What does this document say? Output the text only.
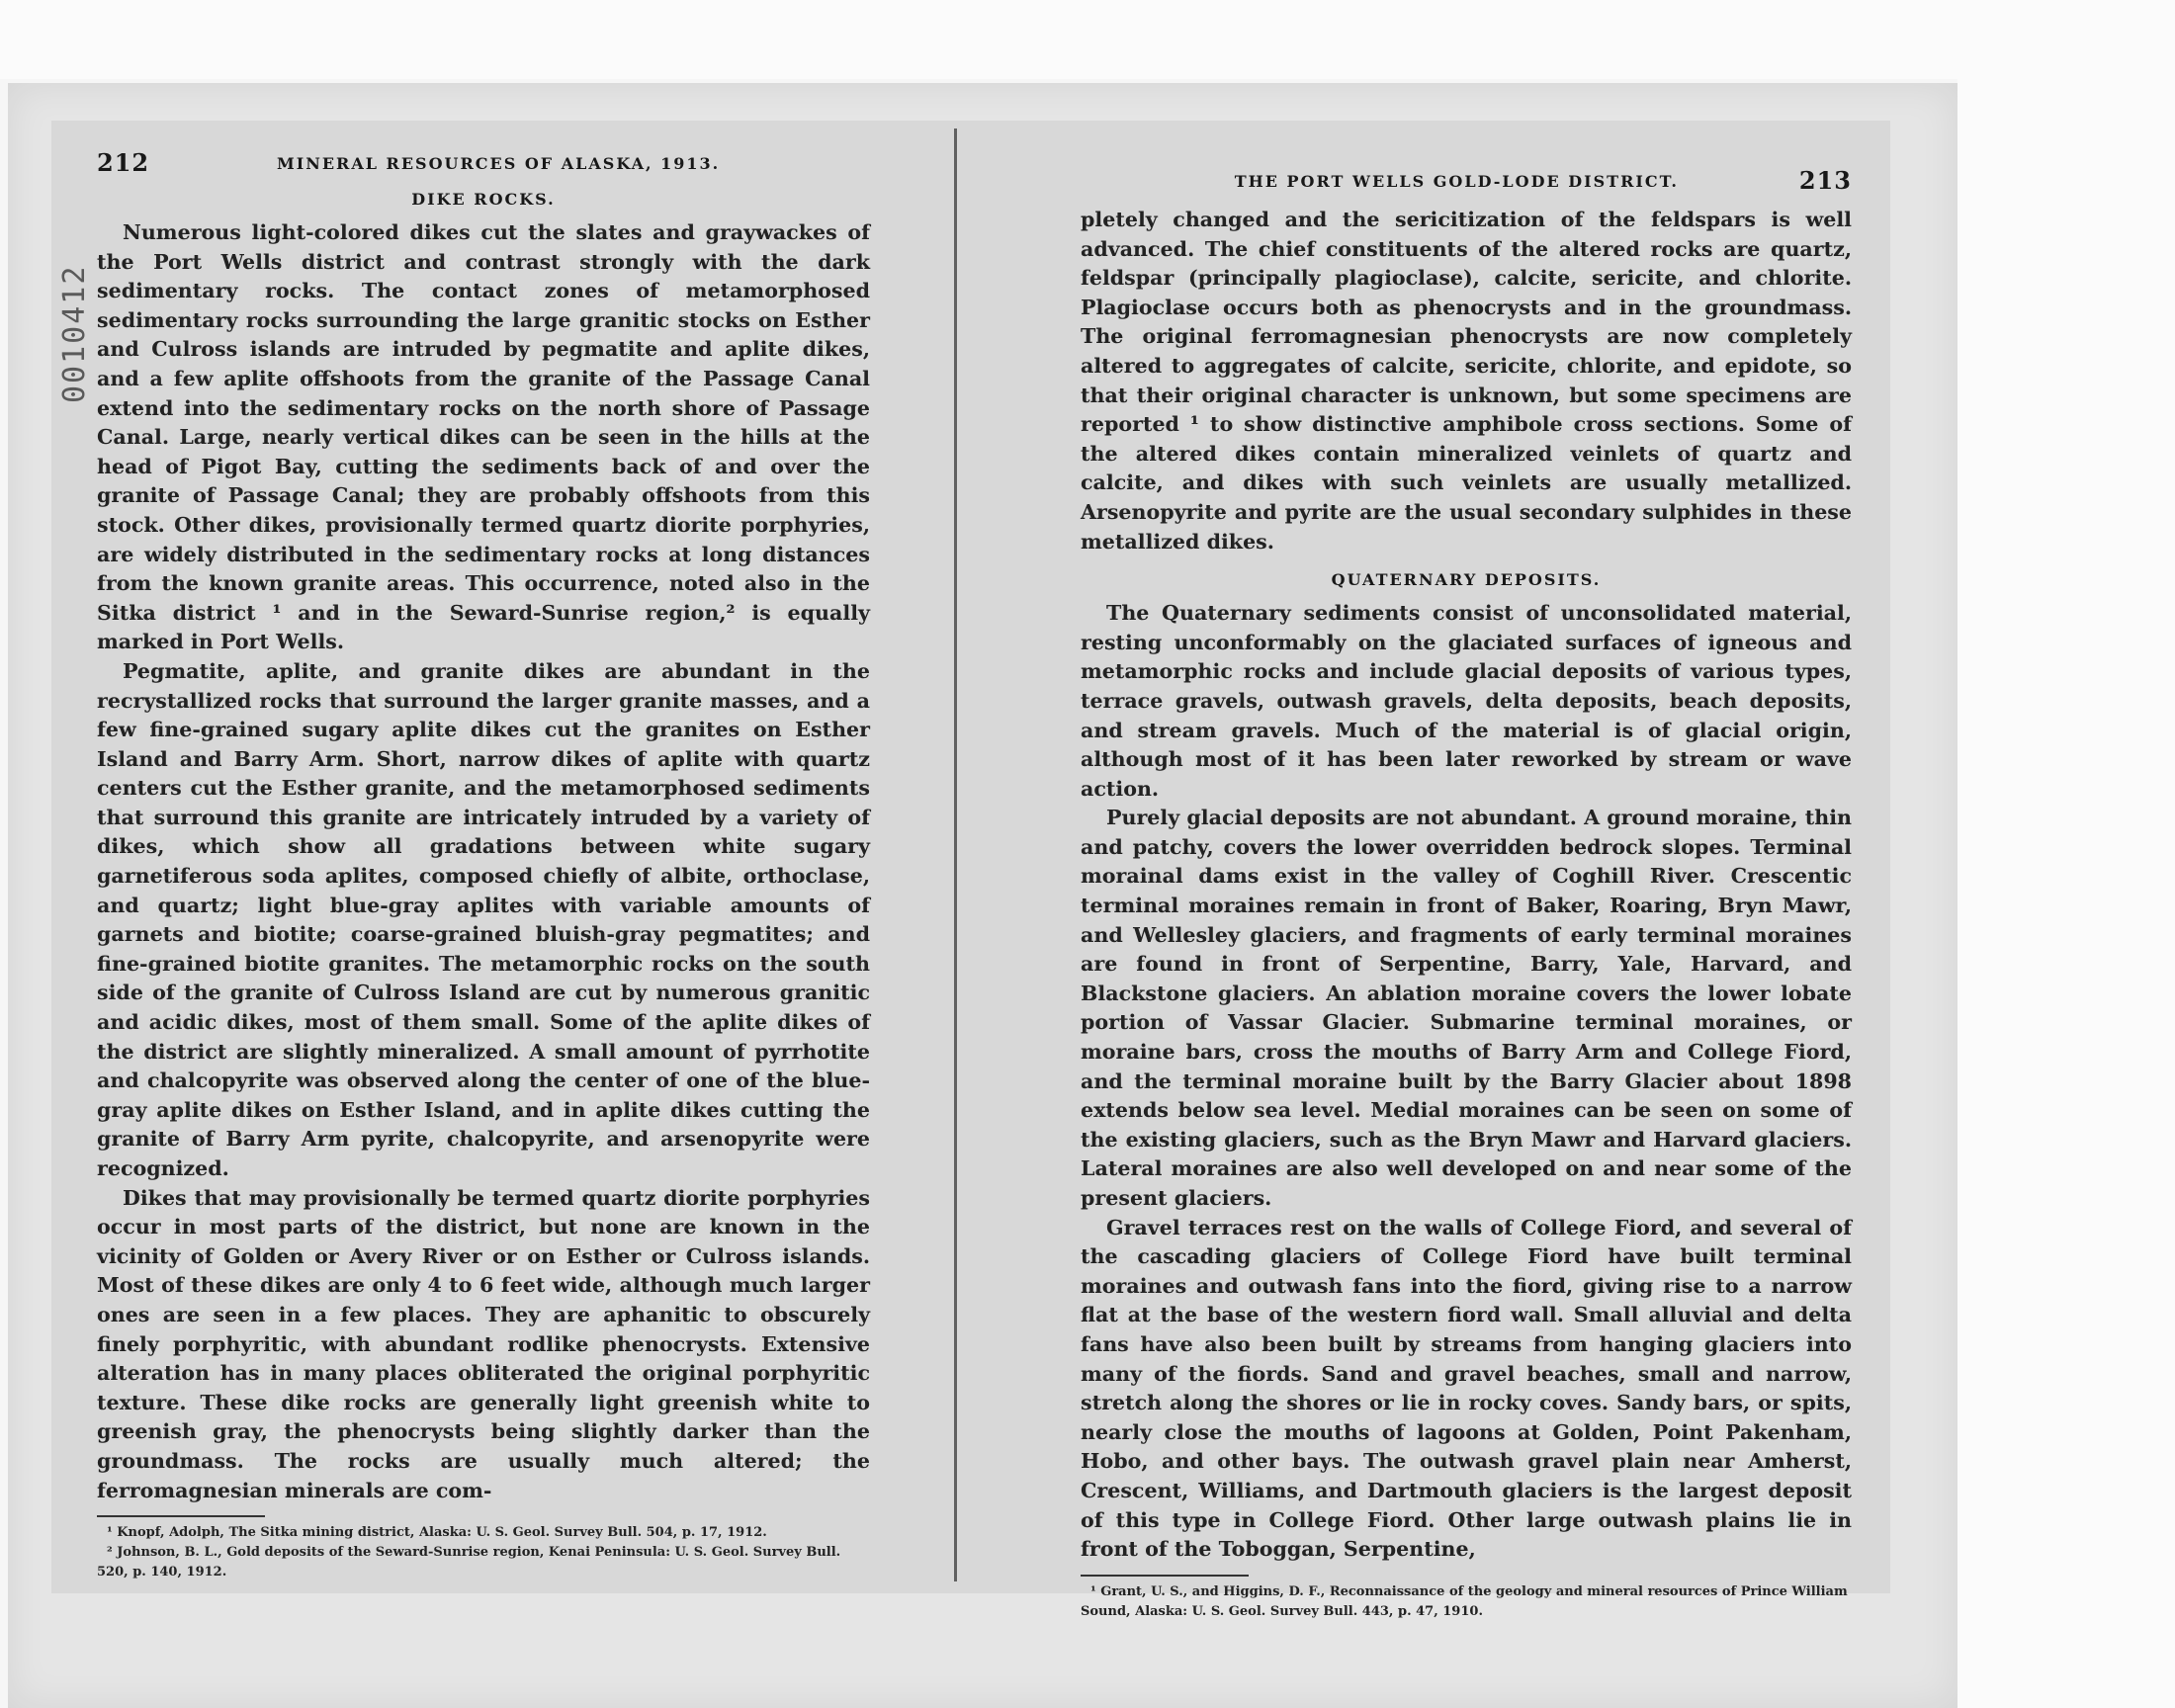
0010412
212	MINERAL RESOURCES OF ALASKA, 1913.
DIKE ROCKS.

Numerous light-colored dikes cut the slates and graywackes of the Port Wells district and contrast strongly with the dark sedimentary rocks. The contact zones of metamorphosed sedimentary rocks surrounding the large granitic stocks on Esther and Culross islands are intruded by pegmatite and aplite dikes, and a few aplite offshoots from the granite of the Passage Canal extend into the sedimentary rocks on the north shore of Passage Canal. Large, nearly vertical dikes can be seen in the hills at the head of Pigot Bay, cutting the sediments back of and over the granite of Passage Canal; they are probably offshoots from this stock. Other dikes, provisionally termed quartz diorite porphyries, are widely distributed in the sedimentary rocks at long distances from the known granite areas. This occurrence, noted also in the Sitka district ¹ and in the Seward-Sunrise region,² is equally marked in Port Wells.

Pegmatite, aplite, and granite dikes are abundant in the recrystallized rocks that surround the larger granite masses, and a few fine-grained sugary aplite dikes cut the granites on Esther Island and Barry Arm. Short, narrow dikes of aplite with quartz centers cut the Esther granite, and the metamorphosed sediments that surround this granite are intricately intruded by a variety of dikes, which show all gradations between white sugary garnetiferous soda aplites, composed chiefly of albite, orthoclase, and quartz; light blue-gray aplites with variable amounts of garnets and biotite; coarse-grained bluish-gray pegmatites; and fine-grained biotite granites. The metamorphic rocks on the south side of the granite of Culross Island are cut by numerous granitic and acidic dikes, most of them small. Some of the aplite dikes of the district are slightly mineralized. A small amount of pyrrhotite and chalcopyrite was observed along the center of one of the blue-gray aplite dikes on Esther Island, and in aplite dikes cutting the granite of Barry Arm pyrite, chalcopyrite, and arsenopyrite were recognized.

Dikes that may provisionally be termed quartz diorite porphyries occur in most parts of the district, but none are known in the vicinity of Golden or Avery River or on Esther or Culross islands. Most of these dikes are only 4 to 6 feet wide, although much larger ones are seen in a few places. They are aphanitic to obscurely finely porphyritic, with abundant rodlike phenocrysts. Extensive alteration has in many places obliterated the original porphyritic texture. These dike rocks are generally light greenish white to greenish gray, the phenocrysts being slightly darker than the groundmass. The rocks are usually much altered; the ferromagnesian minerals are com-

¹ Knopf, Adolph, The Sitka mining district, Alaska: U. S. Geol. Survey Bull. 504, p. 17, 1912.

² Johnson, B. L., Gold deposits of the Seward-Sunrise region, Kenai Peninsula: U. S. Geol. Survey Bull. 520, p. 140, 1912.

THE PORT WELLS GOLD-LODE DISTRICT.	213

pletely changed and the sericitization of the feldspars is well advanced. The chief constituents of the altered rocks are quartz, feldspar (principally plagioclase), calcite, sericite, and chlorite. Plagioclase occurs both as phenocrysts and in the groundmass. The original ferromagnesian phenocrysts are now completely altered to aggregates of calcite, sericite, chlorite, and epidote, so that their original character is unknown, but some specimens are reported ¹ to show distinctive amphibole cross sections. Some of the altered dikes contain mineralized veinlets of quartz and calcite, and dikes with such veinlets are usually metallized. Arsenopyrite and pyrite are the usual secondary sulphides in these metallized dikes.

QUATERNARY DEPOSITS.

The Quaternary sediments consist of unconsolidated material, resting unconformably on the glaciated surfaces of igneous and metamorphic rocks and include glacial deposits of various types, terrace gravels, outwash gravels, delta deposits, beach deposits, and stream gravels. Much of the material is of glacial origin, although most of it has been later reworked by stream or wave action.

Purely glacial deposits are not abundant. A ground moraine, thin and patchy, covers the lower overridden bedrock slopes. Terminal morainal dams exist in the valley of Coghill River. Crescentic terminal moraines remain in front of Baker, Roaring, Bryn Mawr, and Wellesley glaciers, and fragments of early terminal moraines are found in front of Serpentine, Barry, Yale, Harvard, and Blackstone glaciers. An ablation moraine covers the lower lobate portion of Vassar Glacier. Submarine terminal moraines, or moraine bars, cross the mouths of Barry Arm and College Fiord, and the terminal moraine built by the Barry Glacier about 1898 extends below sea level. Medial moraines can be seen on some of the existing glaciers, such as the Bryn Mawr and Harvard glaciers. Lateral moraines are also well developed on and near some of the present glaciers.

Gravel terraces rest on the walls of College Fiord, and several of the cascading glaciers of College Fiord have built terminal moraines and outwash fans into the fiord, giving rise to a narrow flat at the base of the western fiord wall. Small alluvial and delta fans have also been built by streams from hanging glaciers into many of the fiords. Sand and gravel beaches, small and narrow, stretch along the shores or lie in rocky coves. Sandy bars, or spits, nearly close the mouths of lagoons at Golden, Point Pakenham, Hobo, and other bays. The outwash gravel plain near Amherst, Crescent, Williams, and Dartmouth glaciers is the largest deposit of this type in College Fiord. Other large outwash plains lie in front of the Toboggan, Serpentine,

¹ Grant, U. S., and Higgins, D. F., Reconnaissance of the geology and mineral resources of Prince William Sound, Alaska: U. S. Geol. Survey Bull. 443, p. 47, 1910.
